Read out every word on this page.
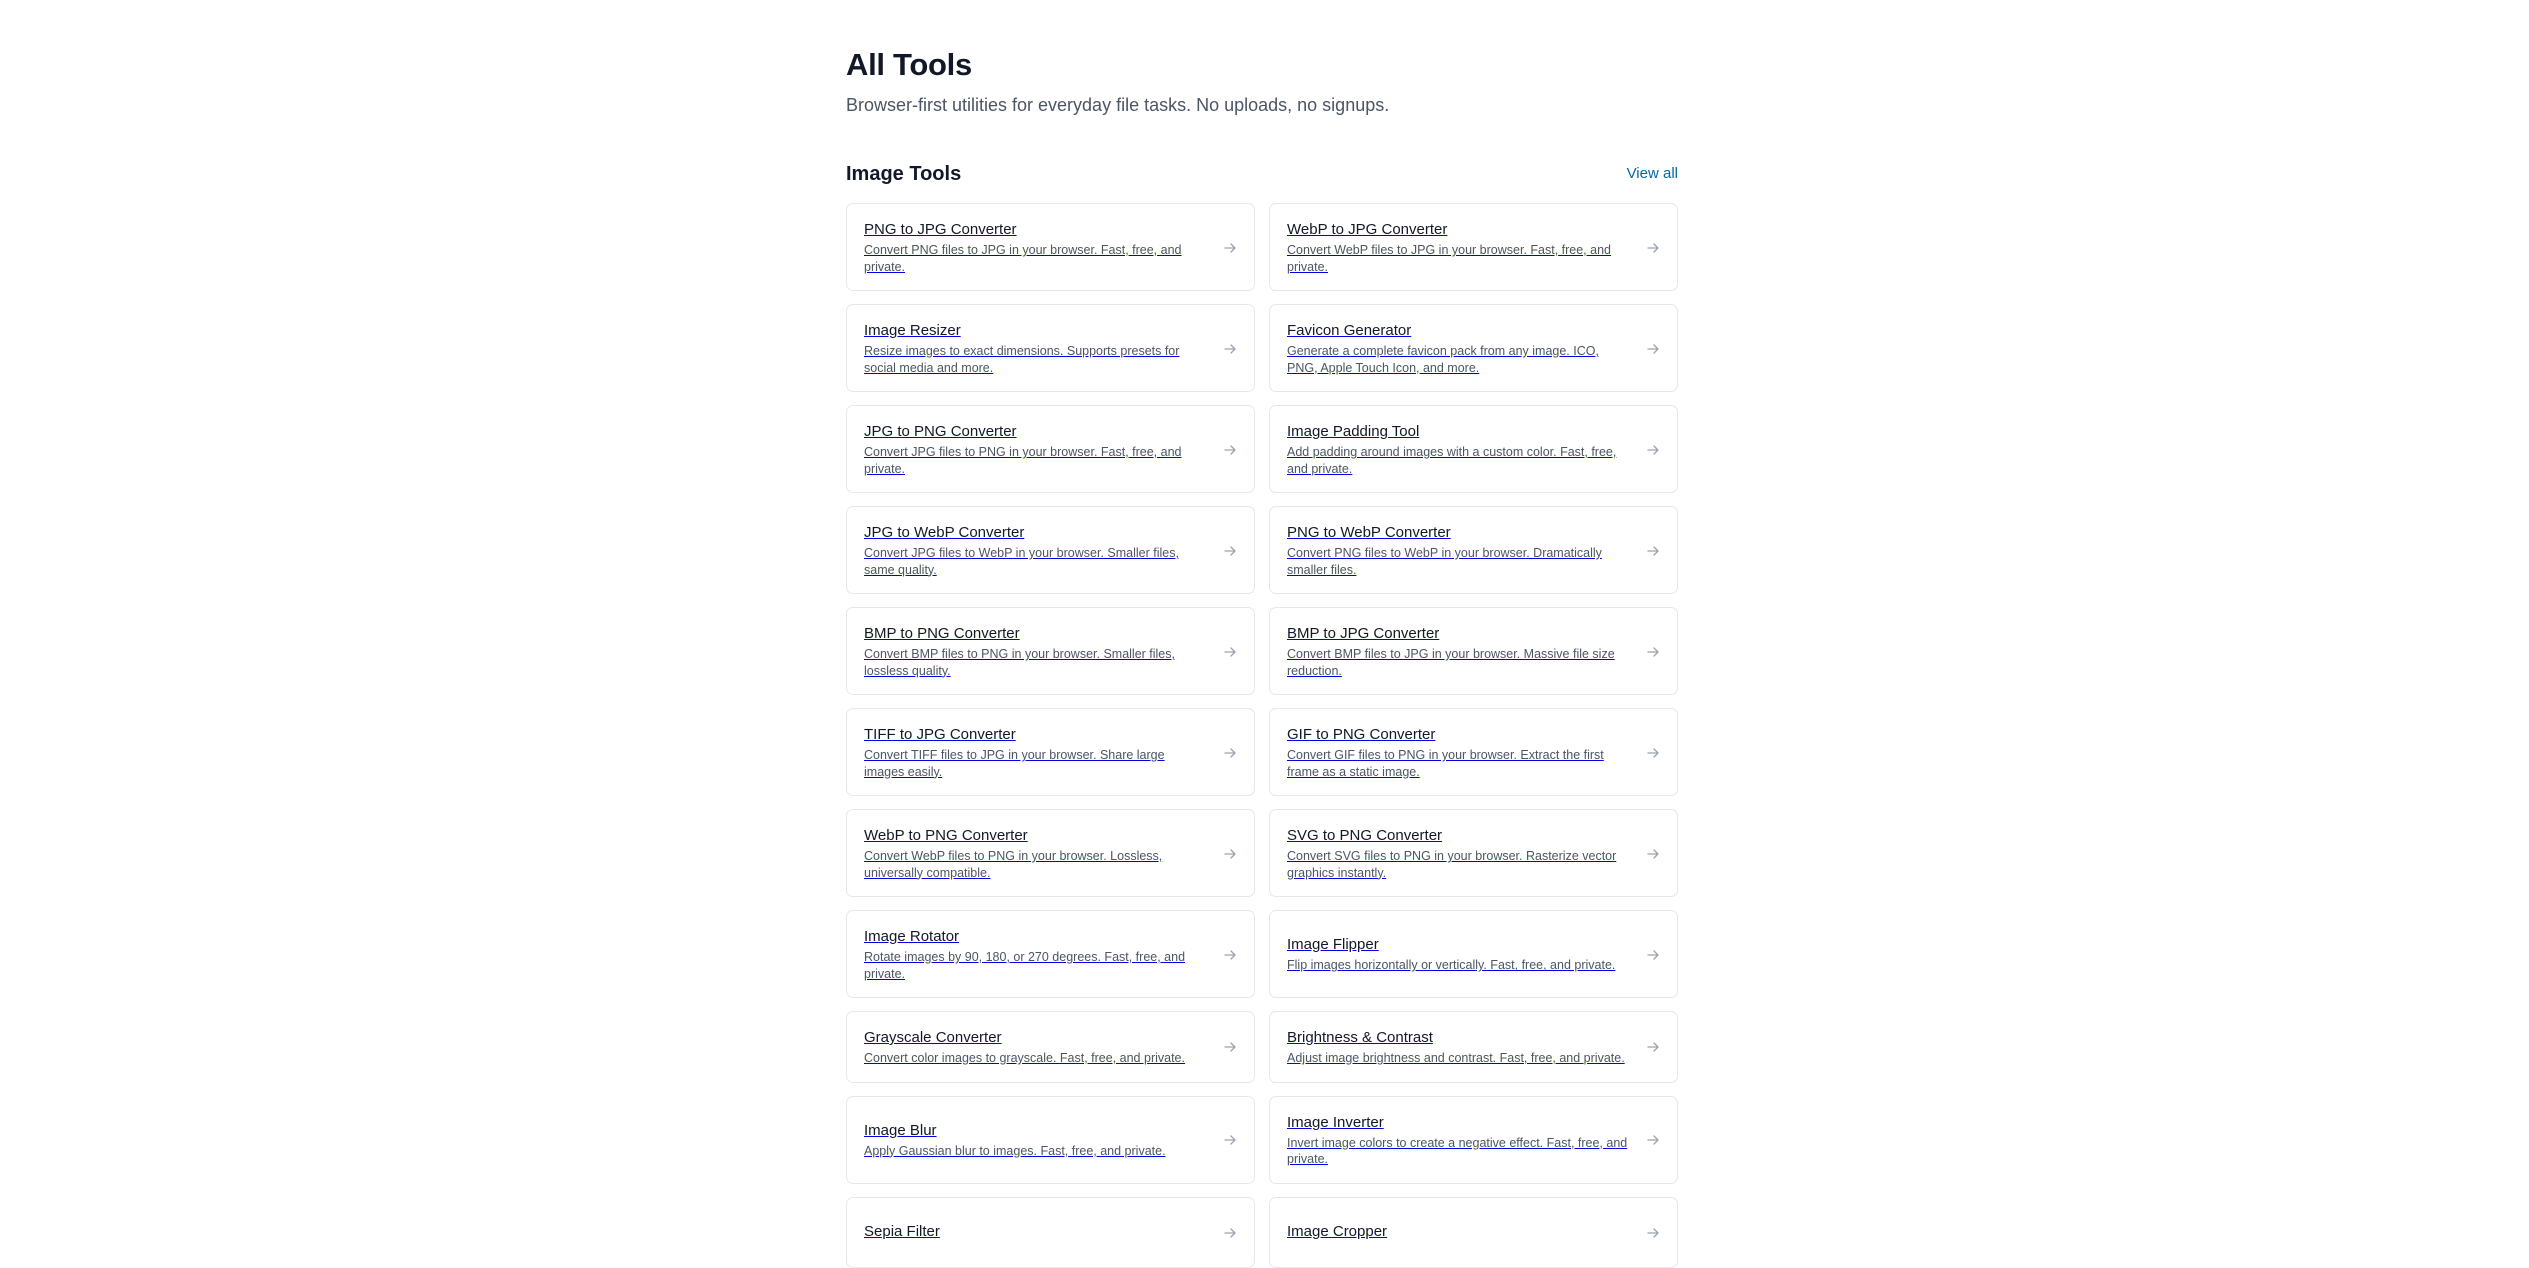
All Tools

Browser-first utilities for everyday file tasks. No uploads, no signups.

Image Tools	View all
PNG to JPG Converter
Convert PNG files to JPG in your browser. Fast, free, and private.
WebP to JPG Converter
Convert WebP files to JPG in your browser. Fast, free, and private.
Image Resizer
Resize images to exact dimensions. Supports presets for social media and more.
Favicon Generator
Generate a complete favicon pack from any image. ICO, PNG, Apple Touch Icon, and more.
JPG to PNG Converter
Convert JPG files to PNG in your browser. Fast, free, and private.
Image Padding Tool
Add padding around images with a custom color. Fast, free, and private.
JPG to WebP Converter
Convert JPG files to WebP in your browser. Smaller files, same quality.
PNG to WebP Converter
Convert PNG files to WebP in your browser. Dramatically smaller files.
BMP to PNG Converter
Convert BMP files to PNG in your browser. Smaller files, lossless quality.
BMP to JPG Converter
Convert BMP files to JPG in your browser. Massive file size reduction.
TIFF to JPG Converter
Convert TIFF files to JPG in your browser. Share large images easily.
GIF to PNG Converter
Convert GIF files to PNG in your browser. Extract the first frame as a static image.
WebP to PNG Converter
Convert WebP files to PNG in your browser. Lossless, universally compatible.
SVG to PNG Converter
Convert SVG files to PNG in your browser. Rasterize vector graphics instantly.
Image Rotator
Rotate images by 90, 180, or 270 degrees. Fast, free, and private.
Image Flipper
Flip images horizontally or vertically. Fast, free, and private.
Grayscale Converter
Convert color images to grayscale. Fast, free, and private.
Brightness & Contrast
Adjust image brightness and contrast. Fast, free, and private.
Image Blur
Apply Gaussian blur to images. Fast, free, and private.
Image Inverter
Invert image colors to create a negative effect. Fast, free, and private.
Sepia Filter	Image Cropper
